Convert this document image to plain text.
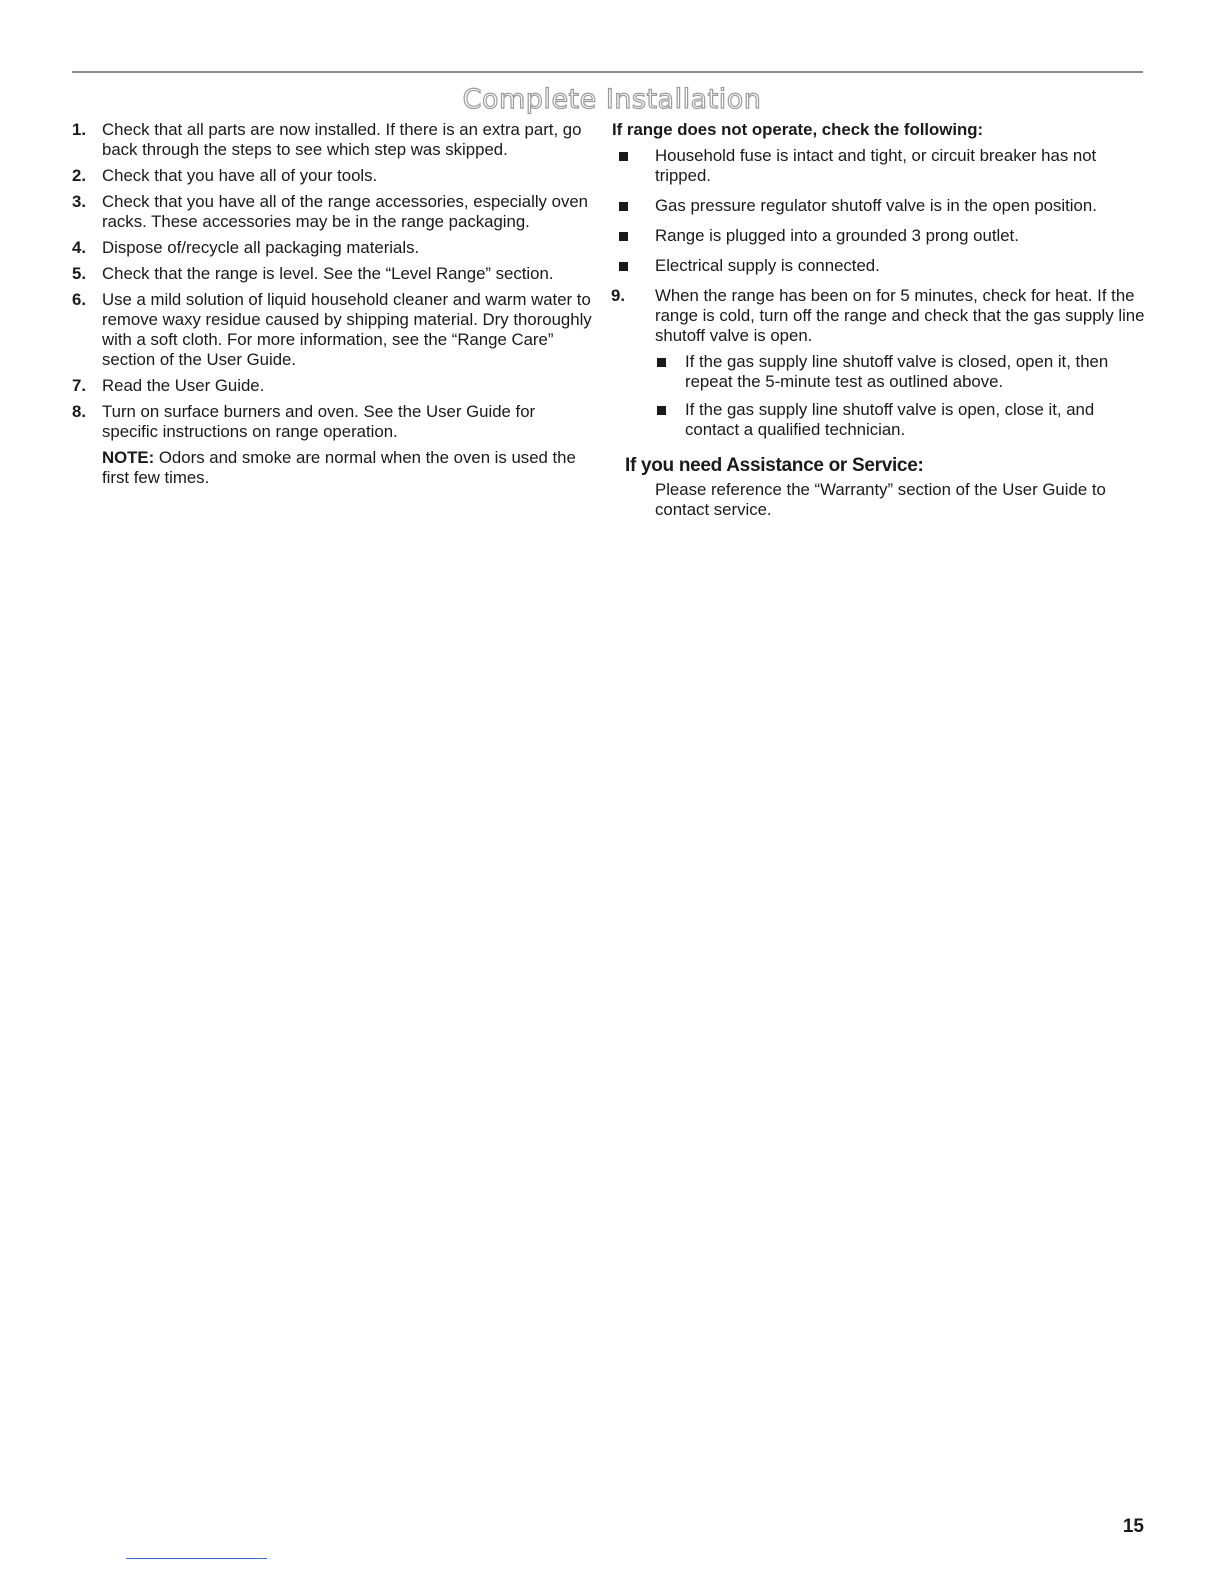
Complete Installation
1. Check that all parts are now installed. If there is an extra part, go back through the steps to see which step was skipped.
2. Check that you have all of your tools.
3. Check that you have all of the range accessories, especially oven racks. These accessories may be in the range packaging.
4. Dispose of/recycle all packaging materials.
5. Check that the range is level. See the “Level Range” section.
6. Use a mild solution of liquid household cleaner and warm water to remove waxy residue caused by shipping material. Dry thoroughly with a soft cloth. For more information, see the “Range Care” section of the User Guide.
7. Read the User Guide.
8. Turn on surface burners and oven. See the User Guide for specific instructions on range operation.
NOTE: Odors and smoke are normal when the oven is used the first few times.
If range does not operate, check the following:
Household fuse is intact and tight, or circuit breaker has not tripped.
Gas pressure regulator shutoff valve is in the open position.
Range is plugged into a grounded 3 prong outlet.
Electrical supply is connected.
9. When the range has been on for 5 minutes, check for heat. If the range is cold, turn off the range and check that the gas supply line shutoff valve is open.
If the gas supply line shutoff valve is closed, open it, then repeat the 5-minute test as outlined above.
If the gas supply line shutoff valve is open, close it, and contact a qualified technician.
If you need Assistance or Service:
Please reference the “Warranty” section of the User Guide to contact service.
15
